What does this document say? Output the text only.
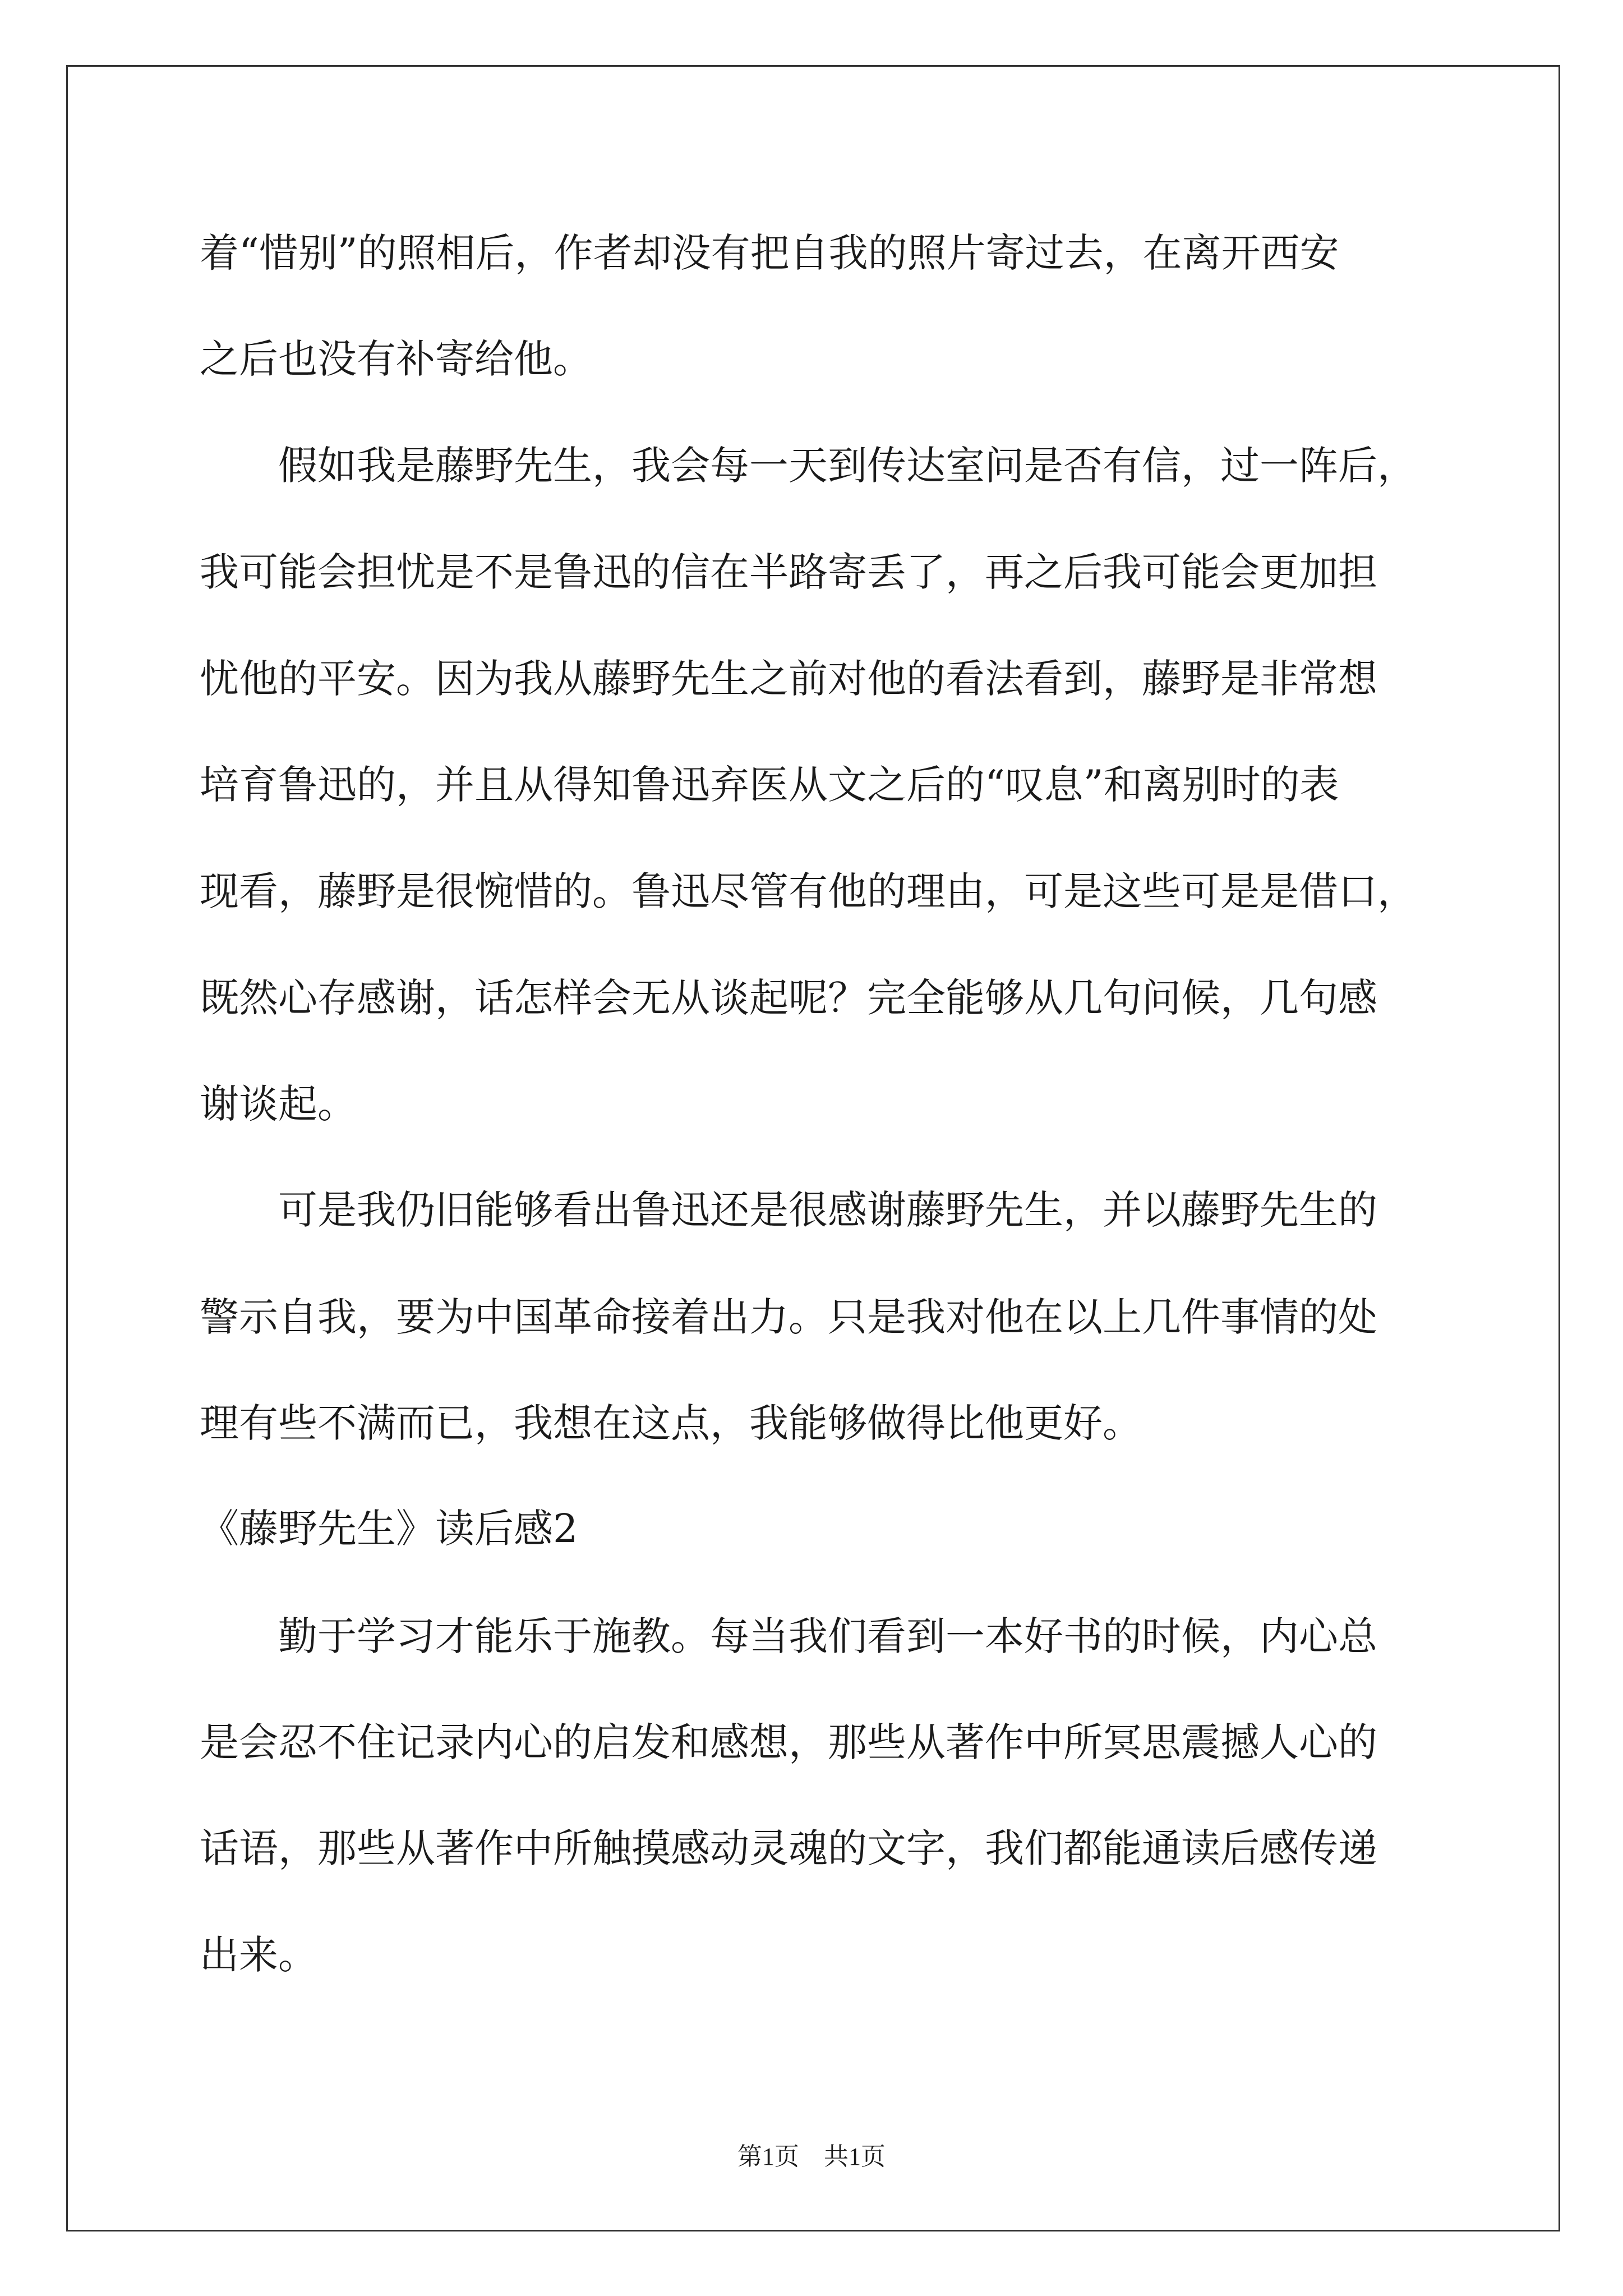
着“惜别”的照相后，作者却没有把自我的照片寄过去，在离开西安
之后也没有补寄给他。
　　假如我是藤野先生，我会每一天到传达室问是否有信，过一阵后，
我可能会担忧是不是鲁迅的信在半路寄丢了，再之后我可能会更加担
忧他的平安。因为我从藤野先生之前对他的看法看到，藤野是非常想
培育鲁迅的，并且从得知鲁迅弃医从文之后的“叹息”和离别时的表
现看，藤野是很惋惜的。鲁迅尽管有他的理由，可是这些可是是借口，
既然心存感谢，话怎样会无从谈起呢？完全能够从几句问候，几句感
谢谈起。
　　可是我仍旧能够看出鲁迅还是很感谢藤野先生，并以藤野先生的
警示自我，要为中国革命接着出力。只是我对他在以上几件事情的处
理有些不满而已，我想在这点，我能够做得比他更好。
《藤野先生》读后感2
　　勤于学习才能乐于施教。每当我们看到一本好书的时候，内心总
是会忍不住记录内心的启发和感想，那些从著作中所冥思震撼人心的
话语，那些从著作中所触摸感动灵魂的文字，我们都能通读后感传递
出来。
第1页　共1页
